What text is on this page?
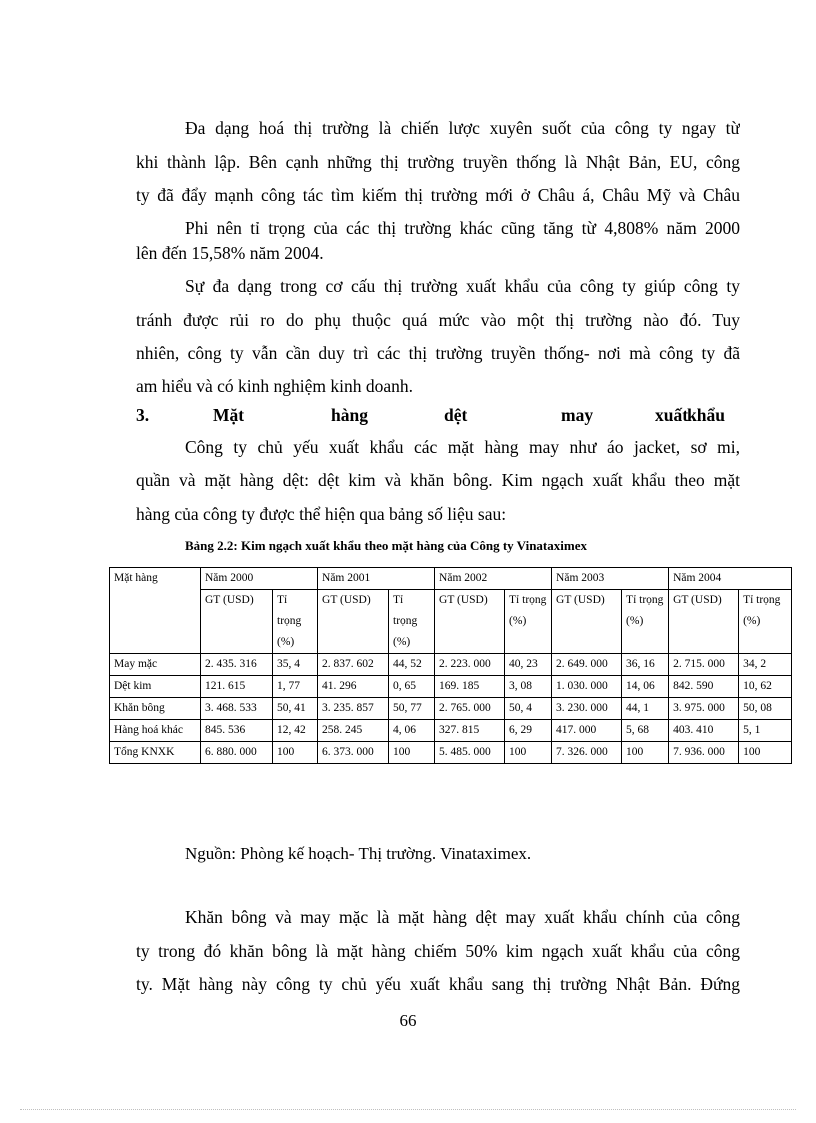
Đa dạng hoá thị trường là chiến lược xuyên suốt của công ty ngay từ
khi thành lập. Bên cạnh những thị trường truyền thống là Nhật Bản, EU, công
ty đã đẩy mạnh công tác tìm kiếm thị trường mới ở Châu á, Châu Mỹ và Châu
Phi nên tỉ trọng của các thị trường khác cũng tăng từ 4,808% năm 2000
lên đến 15,58% năm 2004.
Sự đa dạng trong cơ cấu thị trường xuất khẩu của công ty giúp công ty
tránh được rủi ro do phụ thuộc quá mức vào một thị trường nào đó. Tuy
nhiên, công ty vẫn cần duy trì các thị trường truyền thống- nơi mà công ty đã
am hiểu và có kinh nghiệm kinh doanh.
3.	Mặt	hàng	dệt	may	xuất
khẩu
Công ty chủ yếu xuất khẩu các mặt hàng may như áo jacket, sơ mi,
quần và mặt hàng dệt: dệt kim và khăn bông. Kim ngạch xuất khẩu theo mặt
hàng của công ty được thể hiện qua bảng số liệu sau:
Bảng 2.2: Kim ngạch xuất khẩu theo mặt hàng của Công ty Vinataximex
Mặt hàng	Năm 2000		Năm 2001		Năm 2002		Năm 2003		Năm 2004	
	GT (USD)	Tỉ trọng (%)	GT (USD)	Tỉ trọng (%)	GT (USD)	Tỉ trọng (%)	GT (USD)	Tỉ trọng (%)	GT (USD)	Tỉ trọng (%)
May mặc	2. 435. 316	35, 4	2. 837. 602	44, 52	2. 223. 000	40, 23	2. 649. 000	36, 16	2. 715. 000	34, 2
Dệt kim	121. 615	1, 77	41. 296	0, 65	169. 185	3, 08	1. 030. 000	14, 06	842. 590	10, 62
Khăn bông	3. 468. 533	50, 41	3. 235. 857	50, 77	2. 765. 000	50, 4	3. 230. 000	44, 1	3. 975. 000	50, 08
Hàng hoá khác	845. 536	12, 42	258. 245	4, 06	327. 815	6, 29	417. 000	5, 68	403. 410	5, 1
Tổng KNXK	6. 880. 000	100	6. 373. 000	100	5. 485. 000	100	7. 326. 000	100	7. 936. 000	100
Nguồn: Phòng kế hoạch- Thị trường. Vinataximex.
Khăn bông và may mặc là mặt hàng dệt may xuất khẩu chính của công
ty trong đó khăn bông là mặt hàng chiếm 50% kim ngạch xuất khẩu của công
ty. Mặt hàng này công ty chủ yếu xuất khẩu sang thị trường Nhật Bản. Đứng
66
